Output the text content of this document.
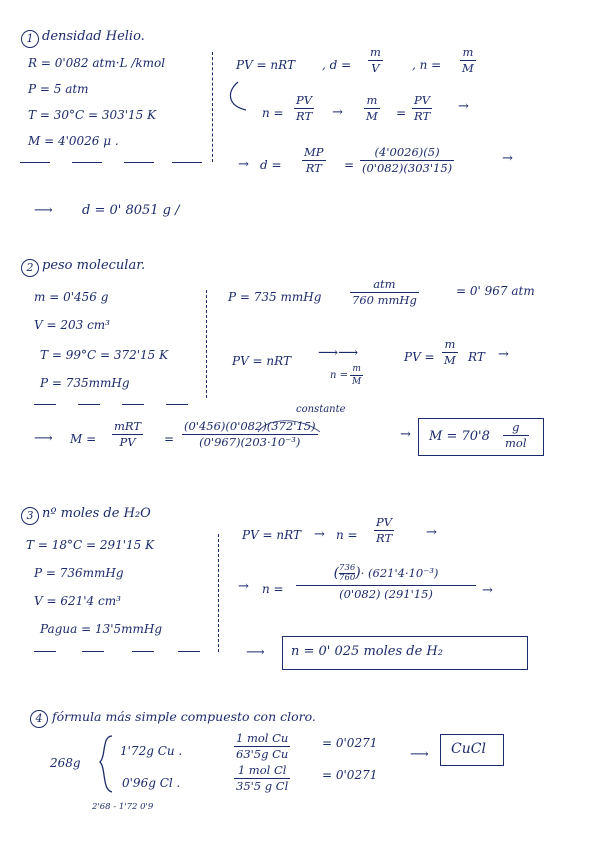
1 densidad Helio.
R = 0'082 atm·L /kmol
P = 5 atm
T = 30°C = 303'15 K
M = 4'0026 μ .
PV = nRT , d =
m
V	, n =
m
M
n =
PV
RT →
m
M =
PV
RT
→
→ d =
MP
RT =
(4'0026)(5)
(0'082)(303'15)
→
⟶ d = 0' 8051 g /
2 peso molecular.
m = 0'456 g
V = 203 cm³
T = 99°C = 372'15 K
P = 735mmHg
P = 735 mmHg
atm
760 mmHg
= 0' 967 atm
PV = nRT ⟶⟶
n =
m
M
PV =
m
M RT →
⟶ M =
mRT
PV =
constante
(0'456)(0'082)(372'15)
(0'967)(203·10⁻³)	→ M = 70'8
g
mol
3 nº moles de H₂O
T = 18°C = 291'15 K
P = 736mmHg
V = 621'4 cm³
Pagua = 13'5mmHg
PV = nRT → n =
PV
RT	→
→ n =
( 736
760 ) · (621'4·10⁻³)
(0'082) (291'15)	→
⟶ n = 0' 025 moles de H₂
4 fórmula más simple compuesto con cloro.
268g
1'72g Cu .
1 mol Cu
63'5g Cu
= 0'0271
0'96g Cl .
1 mol Cl
35'5 g Cl
= 0'0271
2'68 - 1'72 0'9
⟶ CuCl
